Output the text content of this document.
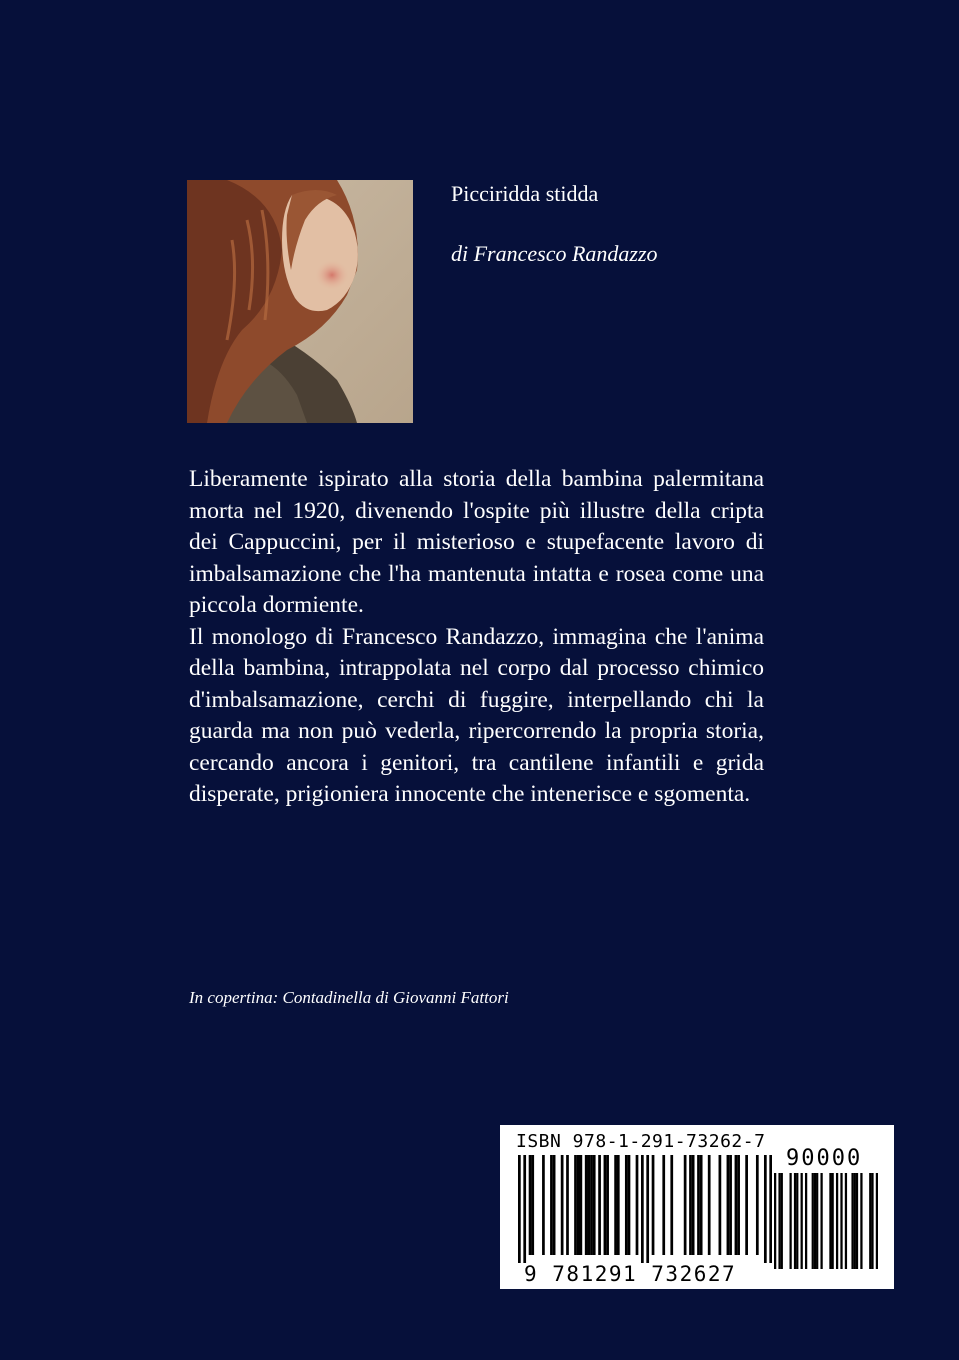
Picciridda stidda
di Francesco Randazzo

Liberamente ispirato alla storia della bambina palermitana morta nel 1920, divenendo l'ospite più illustre della cripta dei Cappuccini, per il misterioso e stupefacente lavoro di imbalsamazione che l'ha mantenuta intatta e rosea come una piccola dormiente.

Il monologo di Francesco Randazzo, immagina che l'anima della bambina, intrappolata nel corpo dal processo chimico d'imbalsamazione, cerchi di fuggire, interpellando chi la guarda ma non può vederla, ripercorrendo la propria storia, cercando ancora i genitori, tra cantilene infantili e grida disperate, prigioniera innocente che intenerisce e sgomenta.

In copertina: Contadinella di Giovanni Fattori
ISBN 978-1-291-73262-7
90000
9 781291 732627
